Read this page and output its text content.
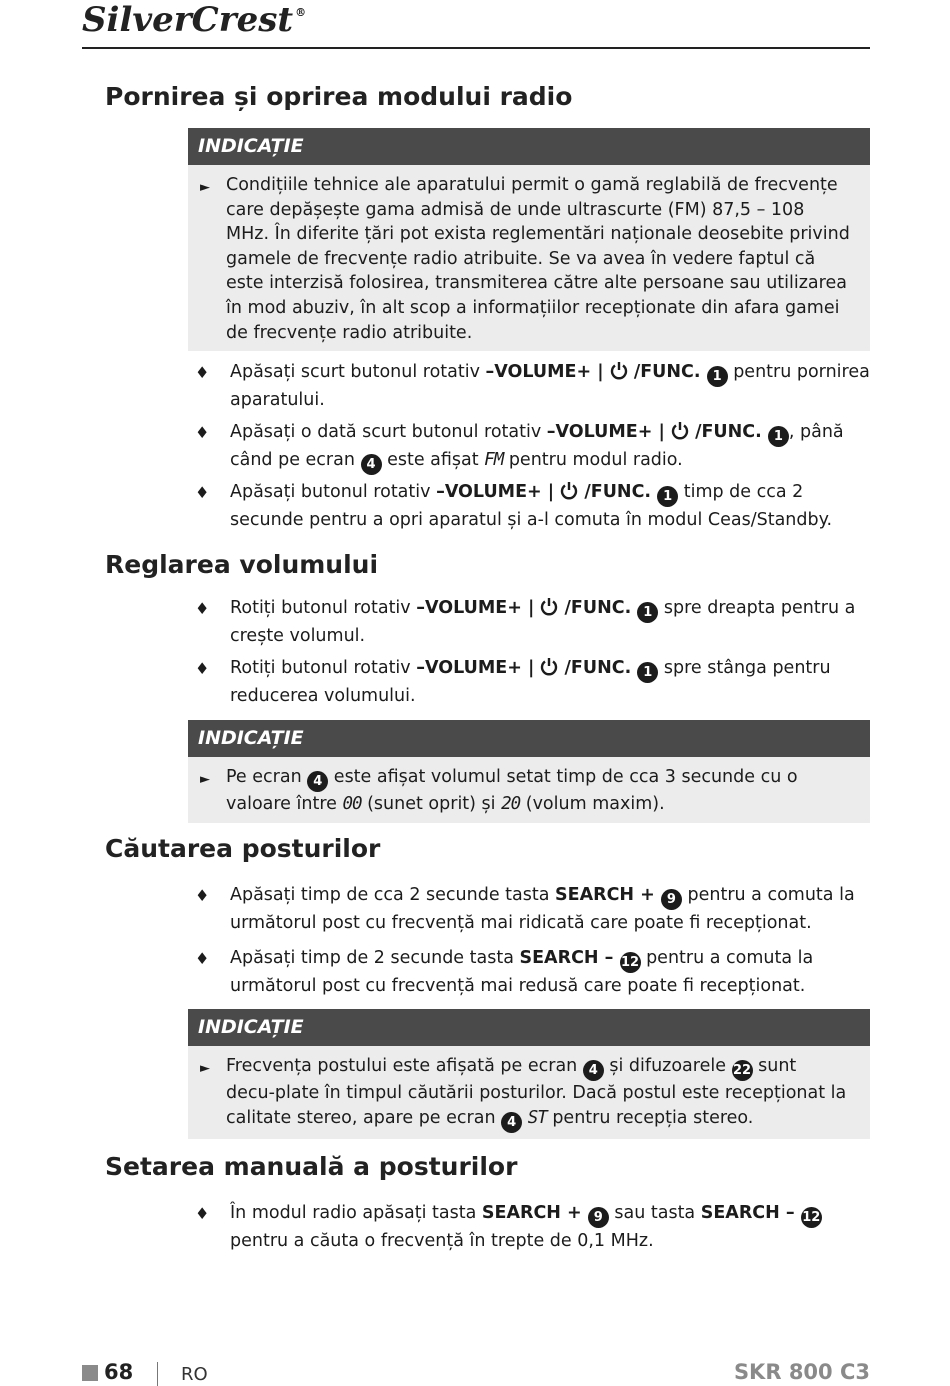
SilverCrest ®
Pornirea și oprirea modului radio
INDICAȚIE
► Condițiile tehnice ale aparatului permit o gamă reglabilă de frecvențe care depășește gama admisă de unde ultrascurte (FM) 87,5 – 108 MHz. În diferite țări pot exista reglementări naționale deosebite privind gamele de frecvențe radio atribuite. Se va avea în vedere faptul că este interzisă folosirea, transmiterea către alte persoane sau utilizarea în mod abuziv, în alt scop a informațiilor recepționate din afara gamei de frecvențe radio atribuite.
♦ Apăsați scurt butonul rotativ –VOLUME+ |  /FUNC. 1 pentru pornirea aparatului.
♦ Apăsați o dată scurt butonul rotativ –VOLUME+ |  /FUNC. 1 , până când pe ecran 4 este afișat FM pentru modul radio.
♦ Apăsați butonul rotativ –VOLUME+ |  /FUNC. 1 timp de cca 2 secunde pentru a opri aparatul și a-l comuta în modul Ceas/Standby.
Reglarea volumului
♦ Rotiți butonul rotativ –VOLUME+ |  /FUNC. 1 spre dreapta pentru a crește volumul.
♦ Rotiți butonul rotativ –VOLUME+ |  /FUNC. 1 spre stânga pentru reducerea volumului.
INDICAȚIE
► Pe ecran 4 este afișat volumul setat timp de cca 3 secunde cu o valoare între 00 (sunet oprit) și 20 (volum maxim).
Căutarea posturilor
♦ Apăsați timp de cca 2 secunde tasta SEARCH + 9 pentru a comuta la următorul post cu frecvență mai ridicată care poate fi recepționat.
♦ Apăsați timp de 2 secunde tasta SEARCH – 12 pentru a comuta la următorul post cu frecvență mai redusă care poate fi recepționat.
INDICAȚIE
► Frecvența postului este afișată pe ecran 4 și difuzoarele 22 sunt decu-plate în timpul căutării posturilor. Dacă postul este recepționat la calitate stereo, apare pe ecran 4 ST pentru recepția stereo.
Setarea manuală a posturilor
♦ În modul radio apăsați tasta SEARCH + 9 sau tasta SEARCH – 12 pentru a căuta o frecvență în trepte de 0,1 MHz.
68	RO	SKR 800 C3
